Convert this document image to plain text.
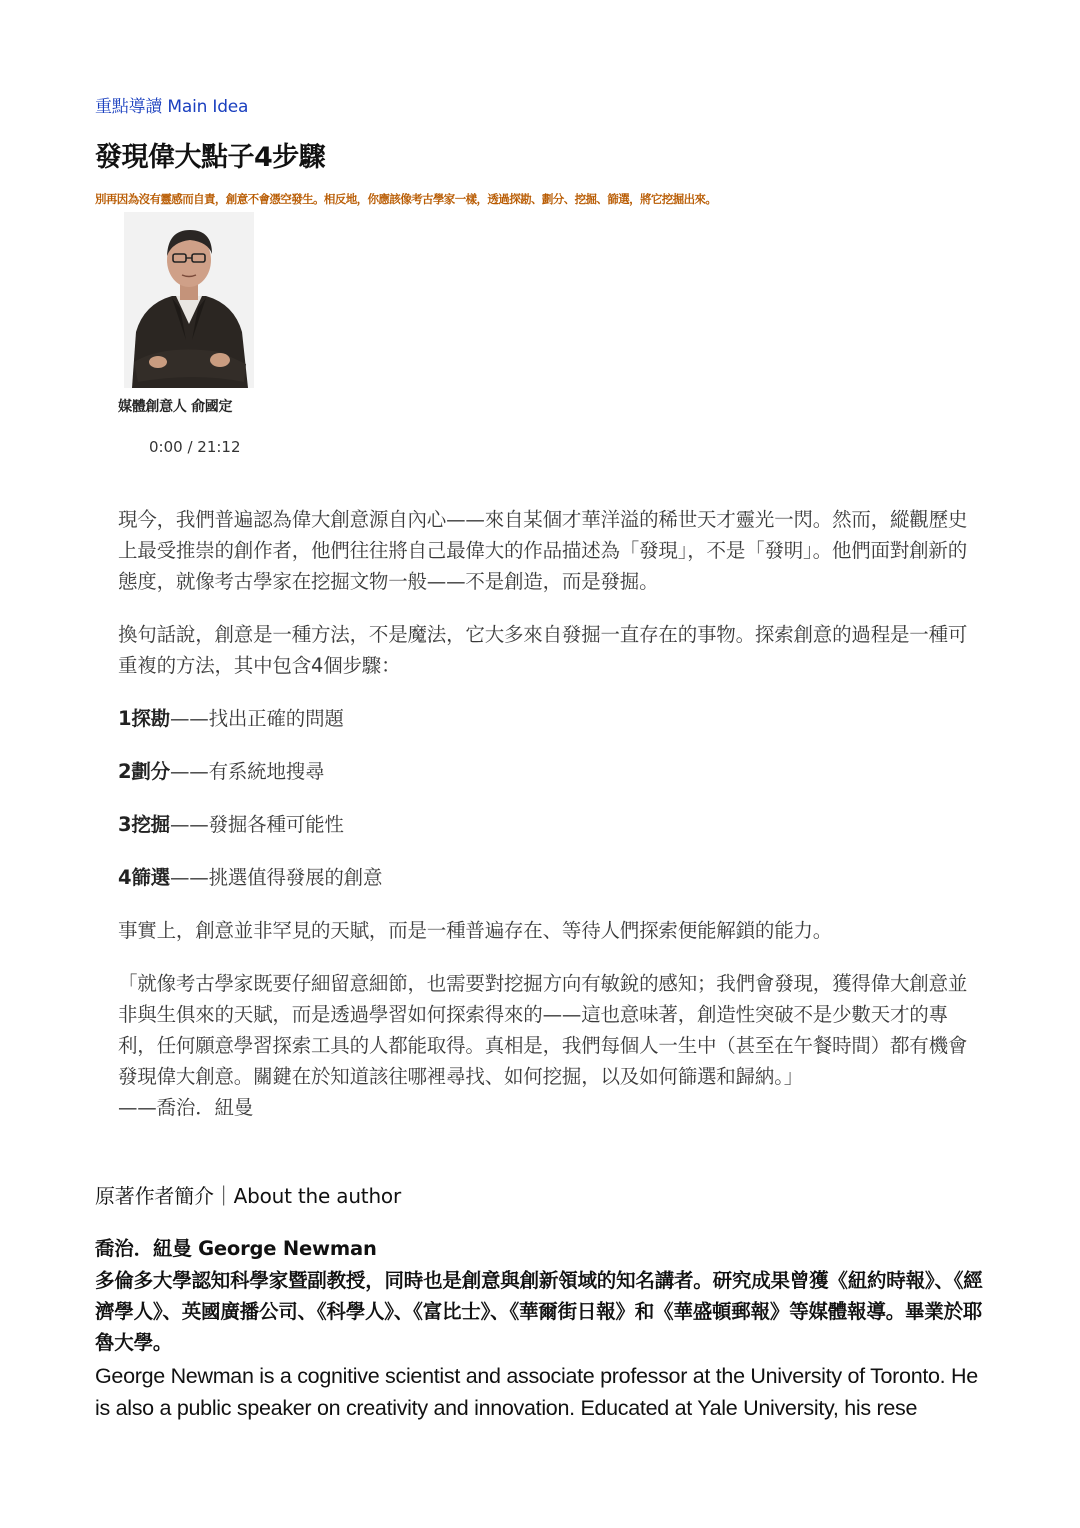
重點導讀 Main Idea
發現偉大點子4步驟
別再因為沒有靈感而自責，創意不會憑空發生。相反地，你應該像考古學家一樣，透過探勘、劃分、挖掘、篩選，將它挖掘出來。
媒體創意人 俞國定
0:00 / 21:12

現今，我們普遍認為偉大創意源自內心——來自某個才華洋溢的稀世天才靈光一閃。然而，縱觀歷史上最受推崇的創作者，他們往往將自己最偉大的作品描述為「發現」，不是「發明」。他們面對創新的態度，就像考古學家在挖掘文物一般——不是創造，而是發掘。

換句話說，創意是一種方法，不是魔法，它大多來自發掘一直存在的事物。探索創意的過程是一種可重複的方法，其中包含4個步驟：

1探勘——找出正確的問題

2劃分——有系統地搜尋

3挖掘——發掘各種可能性

4篩選——挑選值得發展的創意

事實上，創意並非罕見的天賦，而是一種普遍存在、等待人們探索便能解鎖的能力。

「就像考古學家既要仔細留意細節，也需要對挖掘方向有敏銳的感知；我們會發現，獲得偉大創意並非與生俱來的天賦，而是透過學習如何探索得來的——這也意味著，創造性突破不是少數天才的專利，任何願意學習探索工具的人都能取得。真相是，我們每個人一生中（甚至在午餐時間）都有機會發現偉大創意。關鍵在於知道該往哪裡尋找、如何挖掘，以及如何篩選和歸納。」

——喬治．紐曼

原著作者簡介｜About the author
喬治．紐曼 George Newman
多倫多大學認知科學家暨副教授，同時也是創意與創新領域的知名講者。研究成果曾獲《紐約時報》、《經濟學人》、英國廣播公司、《科學人》、《富比士》、《華爾街日報》和《華盛頓郵報》等媒體報導。畢業於耶魯大學。
George Newman is a cognitive scientist and associate professor at the University of Toronto. He is also a public speaker on creativity and innovation. Educated at Yale University, his rese
